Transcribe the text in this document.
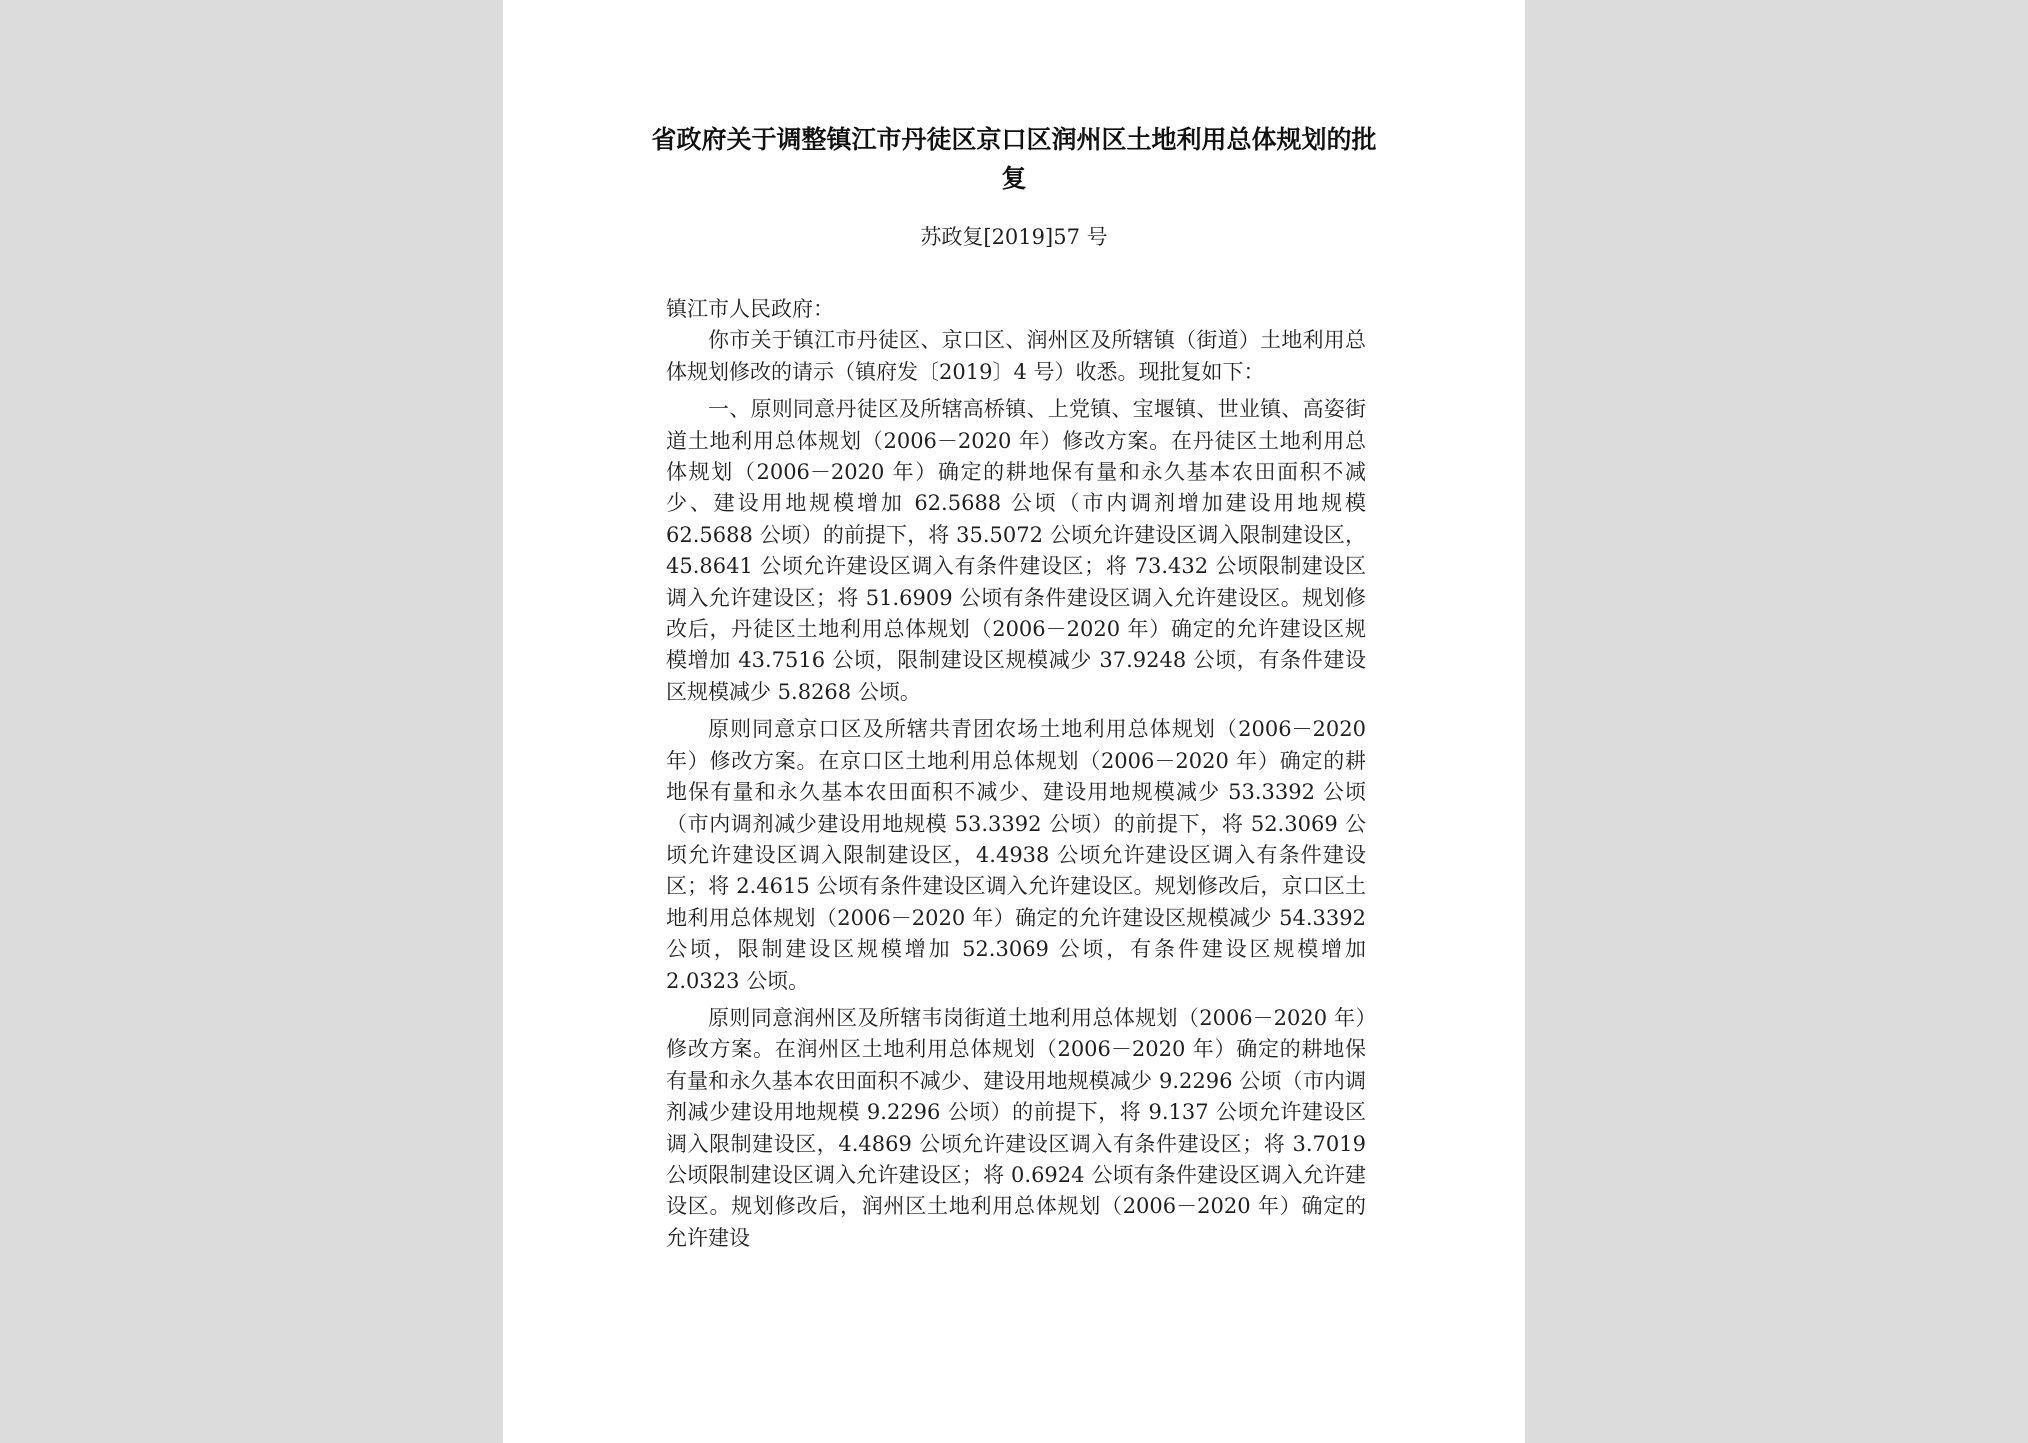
省政府关于调整镇江市丹徒区京口区润州区土地利用总体规划的批复
苏政复[2019]57 号

镇江市人民政府：

你市关于镇江市丹徒区、京口区、润州区及所辖镇（街道）土地利用总体规划修改的请示（镇府发〔2019〕4 号）收悉。现批复如下：

一、原则同意丹徒区及所辖高桥镇、上党镇、宝堰镇、世业镇、高姿街道土地利用总体规划（2006－2020 年）修改方案。在丹徒区土地利用总体规划（2006－2020 年）确定的耕地保有量和永久基本农田面积不减少、建设用地规模增加 62.5688 公顷（市内调剂增加建设用地规模 62.5688 公顷）的前提下，将 35.5072 公顷允许建设区调入限制建设区，45.8641 公顷允许建设区调入有条件建设区；将 73.432 公顷限制建设区调入允许建设区；将 51.6909 公顷有条件建设区调入允许建设区。规划修改后，丹徒区土地利用总体规划（2006－2020 年）确定的允许建设区规模增加 43.7516 公顷，限制建设区规模减少 37.9248 公顷，有条件建设区规模减少 5.8268 公顷。

原则同意京口区及所辖共青团农场土地利用总体规划（2006－2020 年）修改方案。在京口区土地利用总体规划（2006－2020 年）确定的耕地保有量和永久基本农田面积不减少、建设用地规模减少 53.3392 公顷（市内调剂减少建设用地规模 53.3392 公顷）的前提下，将 52.3069 公顷允许建设区调入限制建设区，4.4938 公顷允许建设区调入有条件建设区；将 2.4615 公顷有条件建设区调入允许建设区。规划修改后，京口区土地利用总体规划（2006－2020 年）确定的允许建设区规模减少 54.3392 公顷，限制建设区规模增加 52.3069 公顷，有条件建设区规模增加 2.0323 公顷。

原则同意润州区及所辖韦岗街道土地利用总体规划（2006－2020 年）修改方案。在润州区土地利用总体规划（2006－2020 年）确定的耕地保有量和永久基本农田面积不减少、建设用地规模减少 9.2296 公顷（市内调剂减少建设用地规模 9.2296 公顷）的前提下，将 9.137 公顷允许建设区调入限制建设区，4.4869 公顷允许建设区调入有条件建设区；将 3.7019 公顷限制建设区调入允许建设区；将 0.6924 公顷有条件建设区调入允许建设区。规划修改后，润州区土地利用总体规划（2006－2020 年）确定的允许建设
